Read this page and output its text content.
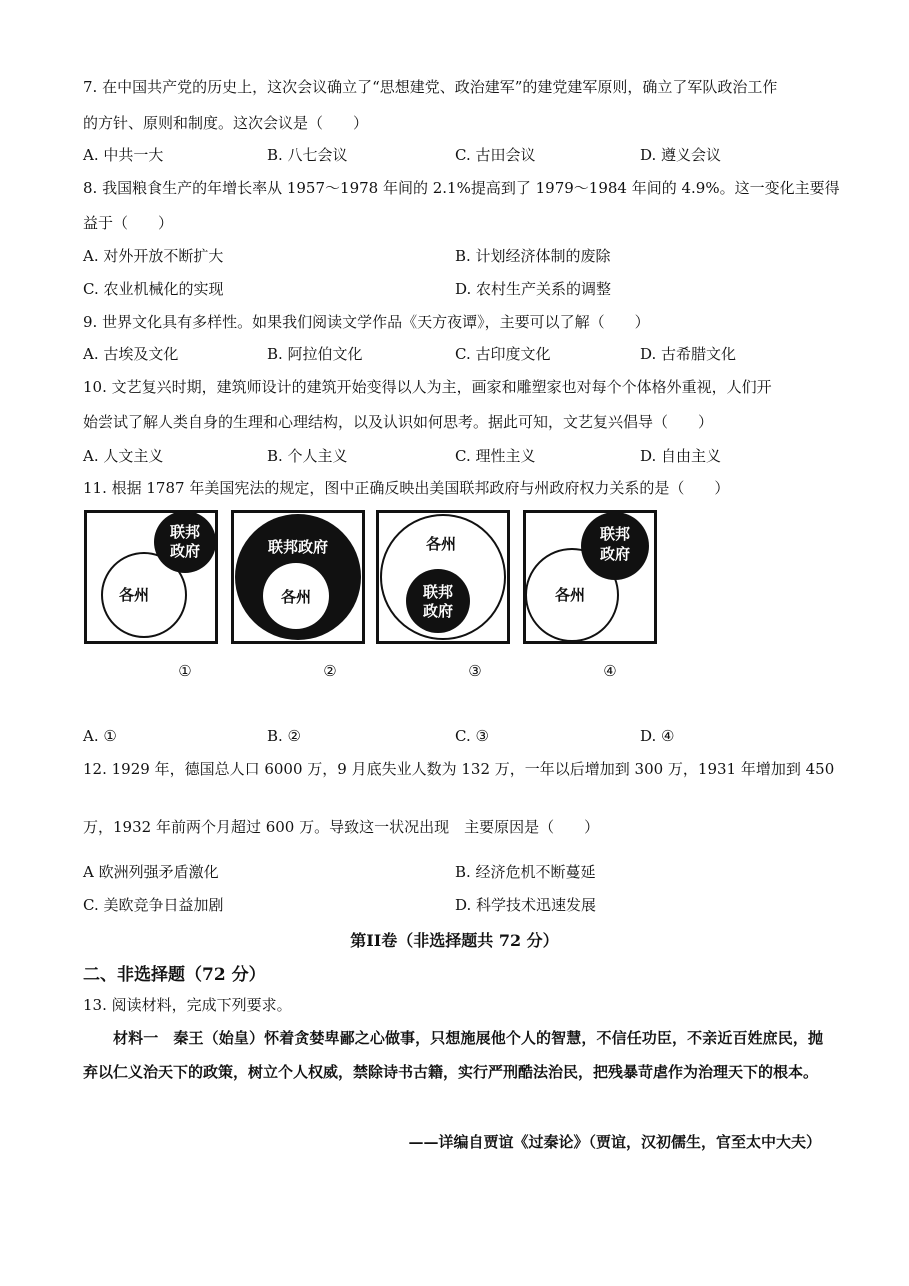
7. 在中国共产党的历史上，这次会议确立了“思想建党、政治建军”的建党建军原则，确立了军队政治工作
的方针、原则和制度。这次会议是（　　）
A. 中共一大	B. 八七会议	C. 古田会议	D. 遵义会议
8. 我国粮食生产的年增长率从 1957～1978 年间的 2.1%提高到了 1979～1984 年间的 4.9%。这一变化主要得
益于（　　）
A. 对外开放不断扩大	B. 计划经济体制的废除
C. 农业机械化的实现	D. 农村生产关系的调整
9. 世界文化具有多样性。如果我们阅读文学作品《天方夜谭》，主要可以了解（　　）
A. 古埃及文化	B. 阿拉伯文化	C. 古印度文化	D. 古希腊文化
10. 文艺复兴时期，建筑师设计的建筑开始变得以人为主，画家和雕塑家也对每个个体格外重视，人们开
始尝试了解人类自身的生理和心理结构，以及认识如何思考。据此可知，文艺复兴倡导（　　）
A. 人文主义	B. 个人主义	C. 理性主义	D. 自由主义
11. 根据 1787 年美国宪法的规定，图中正确反映出美国联邦政府与州政府权力关系的是（　　）
联邦
政府
各州
联邦政府
各州
各州
联邦
政府
联邦
政府
各州
①	②	③	④
A. ①	B. ②	C. ③	D. ④
12. 1929 年，德国总人口 6000 万，9 月底失业人数为 132 万，一年以后增加到 300 万，1931 年增加到 450
万，1932 年前两个月超过 600 万。导致这一状况出现　主要原因是（　　）
A 欧洲列强矛盾激化	B. 经济危机不断蔓延
C. 美欧竞争日益加剧	D. 科学技术迅速发展
第II卷（非选择题共 72 分）
二、非选择题（72 分）
13. 阅读材料，完成下列要求。
材料一　秦王（始皇）怀着贪婪卑鄙之心做事，只想施展他个人的智慧，不信任功臣，不亲近百姓庶民，抛弃以仁义治天下的政策，树立个人权威，禁除诗书古籍，实行严刑酷法治民，把残暴苛虐作为治理天下的根本。
——详编自贾谊《过秦论》（贾谊，汉初儒生，官至太中大夫）
